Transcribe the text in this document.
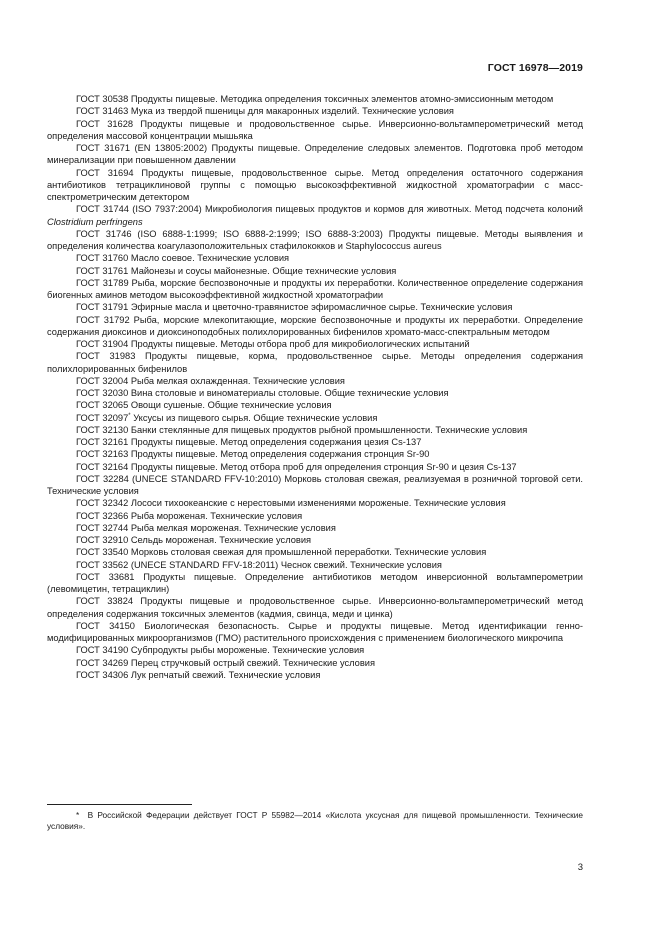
ГОСТ 16978—2019

ГОСТ 30538 Продукты пищевые. Методика определения токсичных элементов атомно-эмиссионным методом

ГОСТ 31463 Мука из твердой пшеницы для макаронных изделий. Технические условия

ГОСТ 31628 Продукты пищевые и продовольственное сырье. Инверсионно-вольтамперометрический метод определения массовой концентрации мышьяка

ГОСТ 31671 (EN 13805:2002) Продукты пищевые. Определение следовых элементов. Подготовка проб методом минерализации при повышенном давлении

ГОСТ 31694 Продукты пищевые, продовольственное сырье. Метод определения остаточного содержания антибиотиков тетрациклиновой группы с помощью высокоэффективной жидкостной хроматографии с масс-спектрометрическим детектором

ГОСТ 31744 (ISO 7937:2004) Микробиология пищевых продуктов и кормов для животных. Метод подсчета колоний Clostridium perfringens

ГОСТ 31746 (ISO 6888-1:1999; ISO 6888-2:1999; ISO 6888-3:2003) Продукты пищевые. Методы выявления и определения количества коагулазоположительных стафилококков и Staphylococcus aureus

ГОСТ 31760 Масло соевое. Технические условия

ГОСТ 31761 Майонезы и соусы майонезные. Общие технические условия

ГОСТ 31789 Рыба, морские беспозвоночные и продукты их переработки. Количественное определение содержания биогенных аминов методом высокоэффективной жидкостной хроматографии

ГОСТ 31791 Эфирные масла и цветочно-травянистое эфиромасличное сырье. Технические условия

ГОСТ 31792 Рыба, морские млекопитающие, морские беспозвоночные и продукты их переработки. Определение содержания диоксинов и диоксиноподобных полихлорированных бифенилов хромато-масс-спектральным методом

ГОСТ 31904 Продукты пищевые. Методы отбора проб для микробиологических испытаний

ГОСТ 31983 Продукты пищевые, корма, продовольственное сырье. Методы определения содержания полихлорированных бифенилов

ГОСТ 32004 Рыба мелкая охлажденная. Технические условия

ГОСТ 32030 Вина столовые и виноматериалы столовые. Общие технические условия

ГОСТ 32065 Овощи сушеные. Общие технические условия

ГОСТ 32097* Уксусы из пищевого сырья. Общие технические условия

ГОСТ 32130 Банки стеклянные для пищевых продуктов рыбной промышленности. Технические условия

ГОСТ 32161 Продукты пищевые. Метод определения содержания цезия Cs-137

ГОСТ 32163 Продукты пищевые. Метод определения содержания стронция Sr-90

ГОСТ 32164 Продукты пищевые. Метод отбора проб для определения стронция Sr-90 и цезия Cs-137

ГОСТ 32284 (UNECE STANDARD FFV-10:2010) Морковь столовая свежая, реализуемая в розничной торговой сети. Технические условия

ГОСТ 32342 Лососи тихоокеанские с нерестовыми изменениями мороженые. Технические условия

ГОСТ 32366 Рыба мороженая. Технические условия

ГОСТ 32744 Рыба мелкая мороженая. Технические условия

ГОСТ 32910 Сельдь мороженая. Технические условия

ГОСТ 33540 Морковь столовая свежая для промышленной переработки. Технические условия

ГОСТ 33562 (UNECE STANDARD FFV-18:2011) Чеснок свежий. Технические условия

ГОСТ 33681 Продукты пищевые. Определение антибиотиков методом инверсионной вольтамперометрии (левомицетин, тетрациклин)

ГОСТ 33824 Продукты пищевые и продовольственное сырье. Инверсионно-вольтамперометрический метод определения содержания токсичных элементов (кадмия, свинца, меди и цинка)

ГОСТ 34150 Биологическая безопасность. Сырье и продукты пищевые. Метод идентификации генно-модифицированных микроорганизмов (ГМО) растительного происхождения с применением биологического микрочипа

ГОСТ 34190 Субпродукты рыбы мороженые. Технические условия

ГОСТ 34269 Перец стручковый острый свежий. Технические условия

ГОСТ 34306 Лук репчатый свежий. Технические условия

* В Российской Федерации действует ГОСТ Р 55982—2014 «Кислота уксусная для пищевой промышленности. Технические условия».

3
